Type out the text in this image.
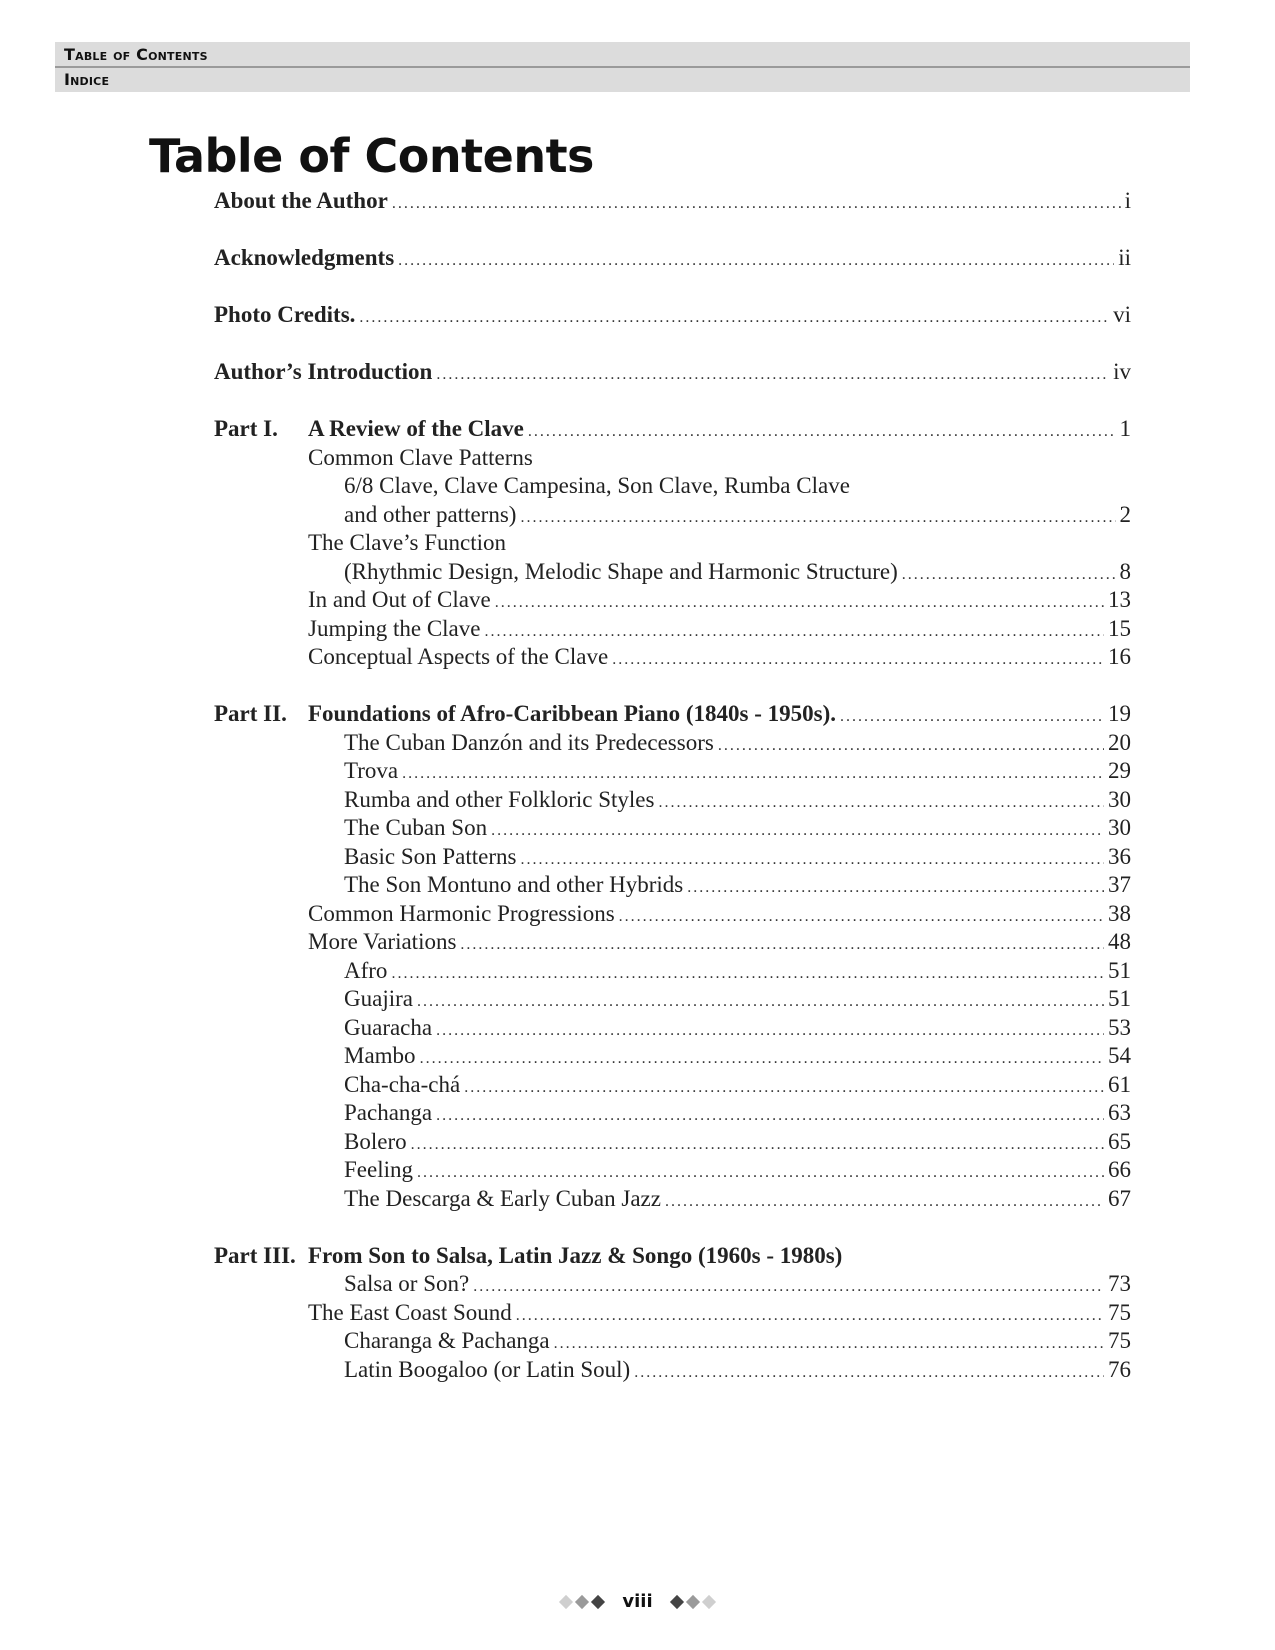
Table of Contents
Indice
Table of Contents
About the Author .....	i
Acknowledgments .....	ii
Photo Credits. .....	vi
Author’s Introduction .....	iv
Part I. A Review of the Clave .....	1
Common Clave Patterns
6/8 Clave, Clave Campesina, Son Clave, Rumba Clave
and other patterns) .....	2
The Clave’s Function
(Rhythmic Design, Melodic Shape and Harmonic Structure) .....	8
In and Out of Clave .....	13
Jumping the Clave .....	15
Conceptual Aspects of the Clave .....	16
Part II. Foundations of Afro-Caribbean Piano (1840s - 1950s). .....	19
The Cuban Danzón and its Predecessors .....	20
Trova .....	29
Rumba and other Folkloric Styles .....	30
The Cuban Son .....	30
Basic Son Patterns .....	36
The Son Montuno and other Hybrids .....	37
Common Harmonic Progressions .....	38
More Variations .....	48
Afro .....	51
Guajira .....	51
Guaracha .....	53
Mambo .....	54
Cha-cha-chá .....	61
Pachanga .....	63
Bolero .....	65
Feeling .....	66
The Descarga & Early Cuban Jazz .....	67
Part III. From Son to Salsa, Latin Jazz & Songo (1960s - 1980s)
Salsa or Son? .....	73
The East Coast Sound .....	75
Charanga & Pachanga .....	75
Latin Boogaloo (or Latin Soul) .....	76
viii
